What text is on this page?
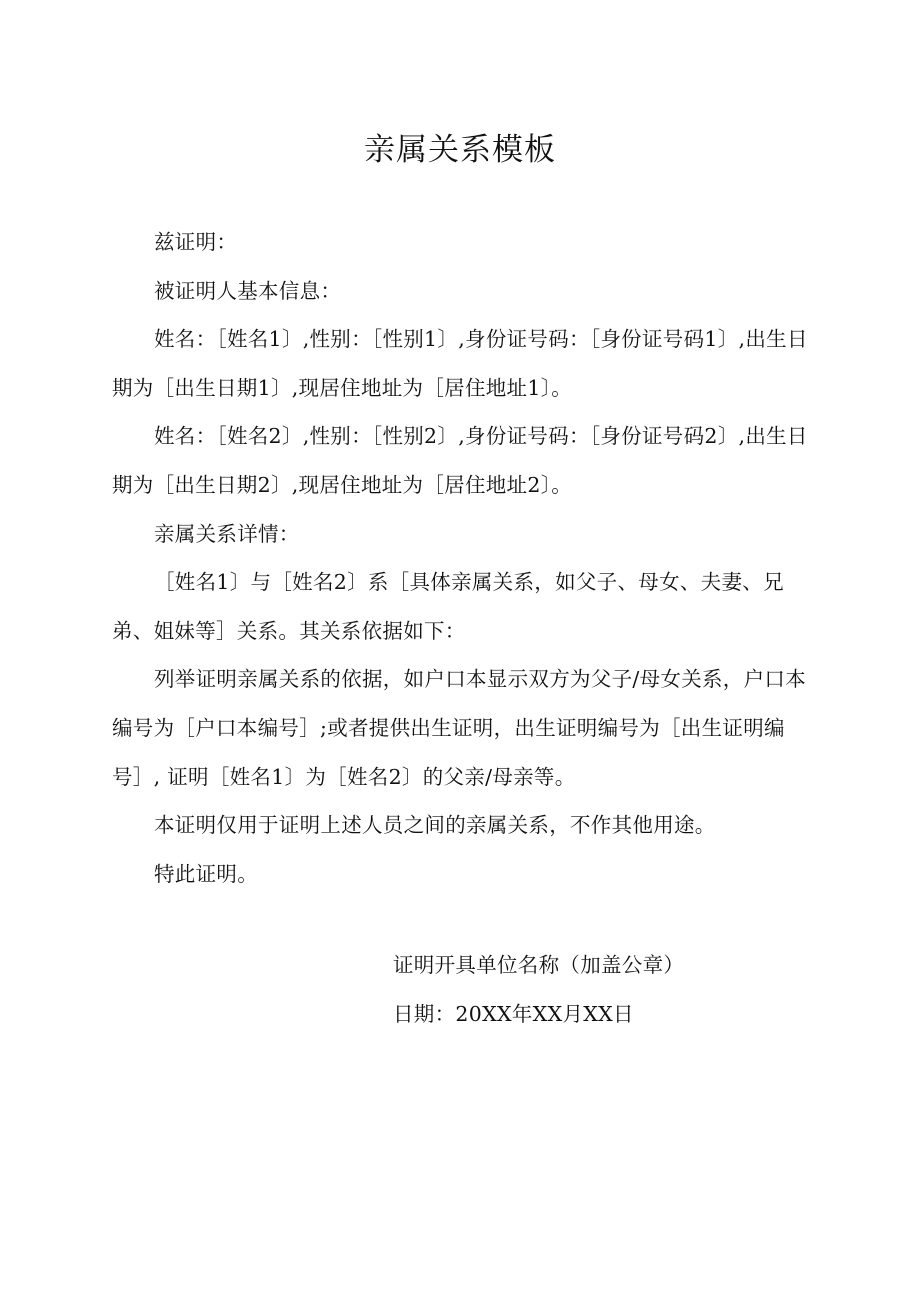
亲属关系模板

兹证明：

被证明人基本信息：

姓名：［姓名1〕,性别：［性别1〕,身份证号码：［身份证号码1〕,出生日期为［出生日期1〕,现居住地址为［居住地址1〕。

姓名：［姓名2〕,性别：［性别2〕,身份证号码：［身份证号码2〕,出生日期为［出生日期2〕,现居住地址为［居住地址2〕。

亲属关系详情：

［姓名1〕与［姓名2〕系［具体亲属关系，如父子、母女、夫妻、兄弟、姐妹等］关系。其关系依据如下：

列举证明亲属关系的依据，如户口本显示双方为父子/母女关系，户口本编号为［户口本编号］;或者提供出生证明，出生证明编号为［出生证明编号］, 证明［姓名1〕为［姓名2〕的父亲/母亲等。

本证明仅用于证明上述人员之间的亲属关系，不作其他用途。

特此证明。

证明开具单位名称（加盖公章）

日期：20XX年XX月XX日
